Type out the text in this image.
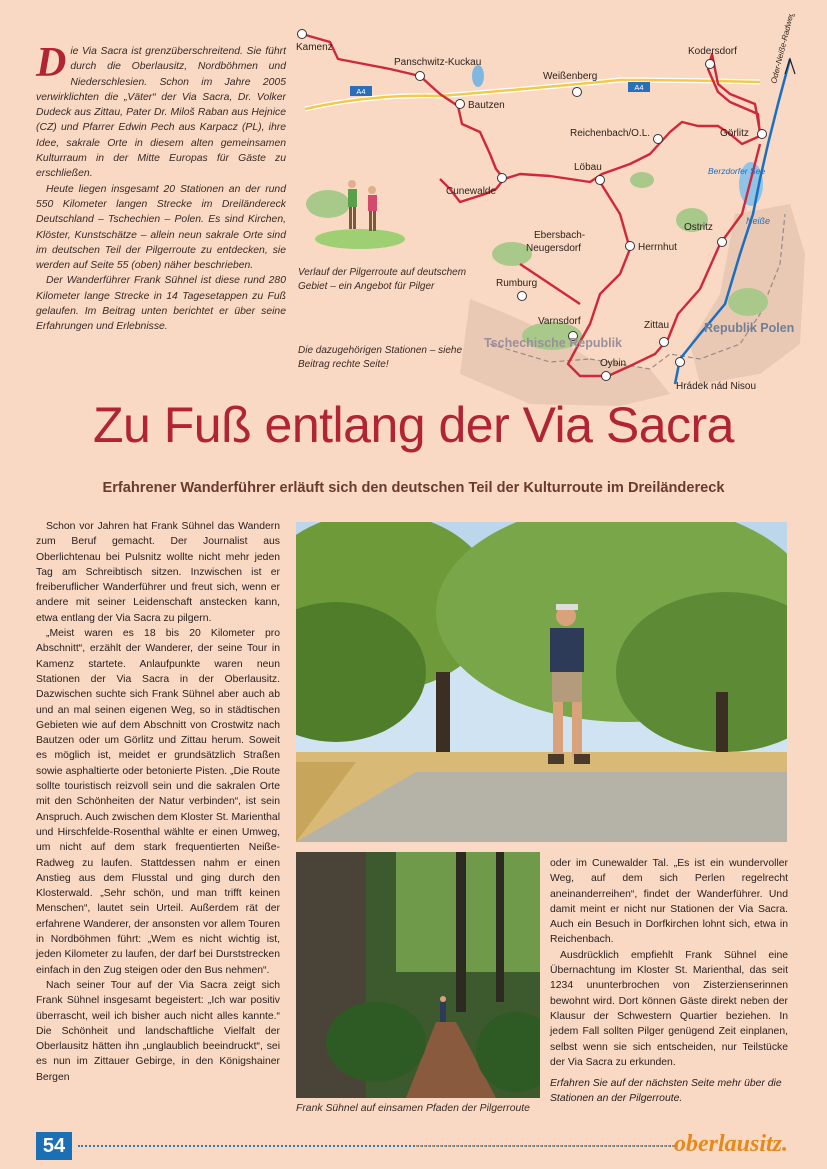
Die Via Sacra ist grenzüberschreitend. Sie führt durch die Oberlausitz, Nordböhmen und Niederschlesien. Schon im Jahre 2005 verwirklichten die „Väter“ der Via Sacra, Dr. Volker Dudeck aus Zittau, Pater Dr. Miloš Raban aus Hejnice (CZ) und Pfarrer Edwin Pech aus Karpacz (PL), ihre Idee, sakrale Orte in diesem alten gemeinsamen Kulturraum in der Mitte Europas für Gäste zu erschließen.

Heute liegen insgesamt 20 Stationen an der rund 550 Kilometer langen Strecke im Dreiländereck Deutschland – Tschechien – Polen. Es sind Kirchen, Klöster, Kunstschätze – allein neun sakrale Orte sind im deutschen Teil der Pilgerroute zu entdecken, sie werden auf Seite 55 (oben) näher beschrieben.

Der Wanderführer Frank Sühnel ist diese rund 280 Kilometer lange Strecke in 14 Tagesetappen zu Fuß gelaufen. Im Beitrag unten berichtet er über seine Erfahrungen und Erlebnisse.

A4	A4
Kamenz
Panschwitz-Kuckau
Kodersdorf
Weißenberg
Bautzen
Reichenbach/O.L.	Görlitz
Löbau
Cunewalde
Ebersbach-
Neugersdorf	Herrnhut
Ostritz
Rumburg
Varnsdorf	Zittau
Oybin
Hrádek nád Nisou
Berzdorfer See
Neiße
Tschechische Republik
Republik Polen
Oder-Neiße-Radweg
Verlauf der Pilgerroute auf deutschem Gebiet – ein Angebot für Pilger
Die dazugehörigen Stationen – siehe Beitrag rechte Seite!
Zu Fuß entlang der Via Sacra
Erfahrener Wanderführer erläuft sich den deutschen Teil der Kulturroute im Dreiländereck

Schon vor Jahren hat Frank Sühnel das Wandern zum Beruf gemacht. Der Journalist aus Oberlichtenau bei Pulsnitz wollte nicht mehr jeden Tag am Schreibtisch sitzen. Inzwischen ist er freiberuflicher Wanderführer und freut sich, wenn er andere mit seiner Leidenschaft anstecken kann, etwa entlang der Via Sacra zu pilgern.

„Meist waren es 18 bis 20 Kilometer pro Abschnitt“, erzählt der Wanderer, der seine Tour in Kamenz startete. Anlaufpunkte waren neun Stationen der Via Sacra in der Oberlausitz. Dazwischen suchte sich Frank Sühnel aber auch ab und an mal seinen eigenen Weg, so in städtischen Gebieten wie auf dem Abschnitt von Crostwitz nach Bautzen oder um Görlitz und Zittau herum. Soweit es möglich ist, meidet er grundsätzlich Straßen sowie asphaltierte oder betonierte Pisten. „Die Route sollte touristisch reizvoll sein und die sakralen Orte mit den Schönheiten der Natur verbinden“, ist sein Anspruch. Auch zwischen dem Kloster St. Marienthal und Hirschfelde-Rosenthal wählte er einen Umweg, um nicht auf dem stark frequentierten Neiße-Radweg zu laufen. Stattdessen nahm er einen Anstieg aus dem Flusstal und ging durch den Klosterwald. „Sehr schön, und man trifft keinen Menschen“, lautet sein Urteil. Außerdem rät der erfahrene Wanderer, der ansonsten vor allem Touren in Nordböhmen führt: „Wem es nicht wichtig ist, jeden Kilometer zu laufen, der darf bei Durststrecken einfach in den Zug steigen oder den Bus nehmen“.

Nach seiner Tour auf der Via Sacra zeigt sich Frank Sühnel insgesamt begeistert: „Ich war positiv überrascht, weil ich bisher auch nicht alles kannte.“ Die Schönheit und landschaftliche Vielfalt der Oberlausitz hätten ihn „unglaublich beeindruckt“, sei es nun im Zittauer Gebirge, in den Königshainer Bergen

Frank Sühnel auf einsamen Pfaden der Pilgerroute

oder im Cunewalder Tal. „Es ist ein wundervoller Weg, auf dem sich Perlen regelrecht aneinanderreihen“, findet der Wanderführer. Und damit meint er nicht nur Stationen der Via Sacra. Auch ein Besuch in Dorfkirchen lohnt sich, etwa in Reichenbach.

Ausdrücklich empfiehlt Frank Sühnel eine Übernachtung im Kloster St. Marienthal, das seit 1234 ununterbrochen von Zisterzienserinnen bewohnt wird. Dort können Gäste direkt neben der Klausur der Schwestern Quartier beziehen. In jedem Fall sollten Pilger genügend Zeit einplanen, selbst wenn sie sich entscheiden, nur Teilstücke der Via Sacra zu erkunden.

Erfahren Sie auf der nächsten Seite mehr über die Stationen an der Pilgerroute.

54	oberlausitz.
